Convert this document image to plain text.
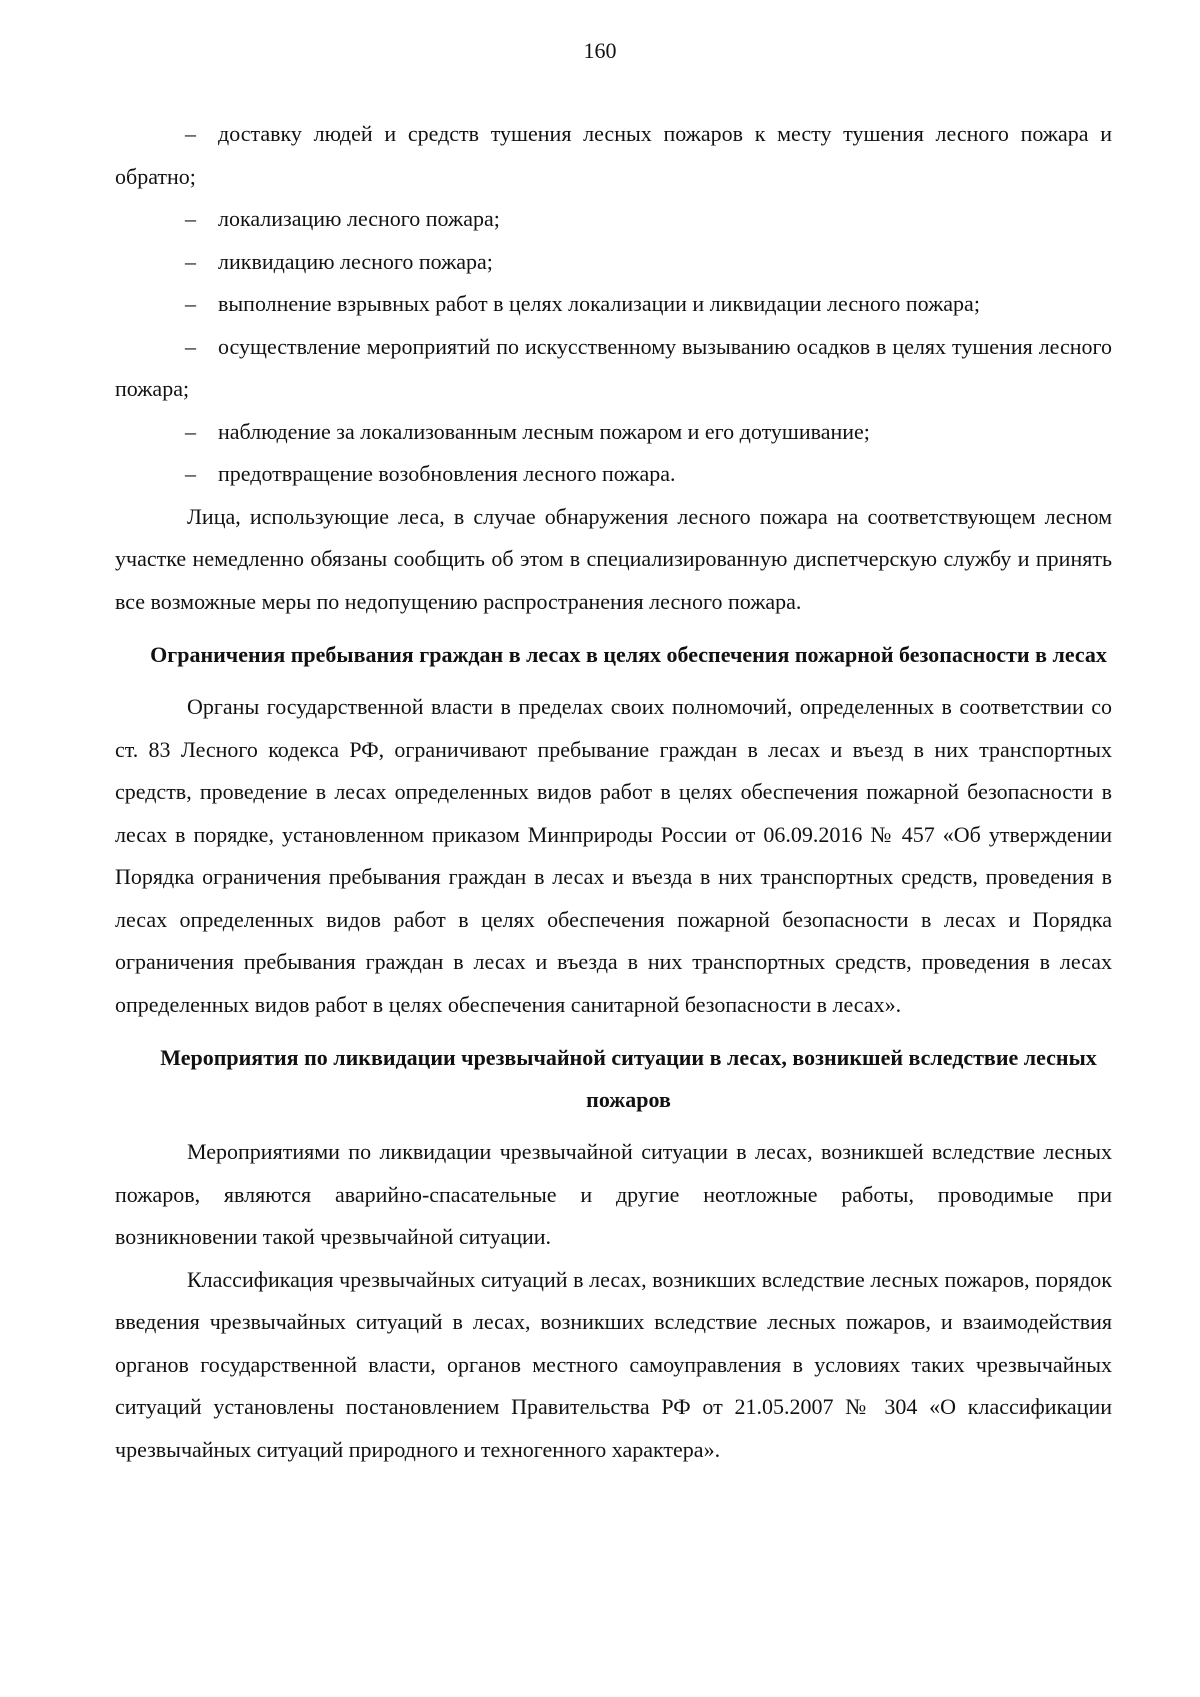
160

– доставку людей и средств тушения лесных пожаров к месту тушения лесного пожара и обратно;

– локализацию лесного пожара;

– ликвидацию лесного пожара;

– выполнение взрывных работ в целях локализации и ликвидации лесного пожара;

– осуществление мероприятий по искусственному вызыванию осадков в целях тушения лесного пожара;

– наблюдение за локализованным лесным пожаром и его дотушивание;

– предотвращение возобновления лесного пожара.

Лица, использующие леса, в случае обнаружения лесного пожара на соответствующем лесном участке немедленно обязаны сообщить об этом в специализированную диспетчерскую службу и принять все возможные меры по недопущению распространения лесного пожара.

Ограничения пребывания граждан в лесах в целях обеспечения пожарной безопасности в лесах

Органы государственной власти в пределах своих полномочий, определенных в соответствии со ст. 83 Лесного кодекса РФ, ограничивают пребывание граждан в лесах и въезд в них транспортных средств, проведение в лесах определенных видов работ в целях обеспечения пожарной безопасности в лесах в порядке, установленном приказом Минприроды России от 06.09.2016 № 457 «Об утверждении Порядка ограничения пребывания граждан в лесах и въезда в них транспортных средств, проведения в лесах определенных видов работ в целях обеспечения пожарной безопасности в лесах и Порядка ограничения пребывания граждан в лесах и въезда в них транспортных средств, проведения в лесах определенных видов работ в целях обеспечения санитарной безопасности в лесах».

Мероприятия по ликвидации чрезвычайной ситуации в лесах, возникшей вследствие лесных пожаров

Мероприятиями по ликвидации чрезвычайной ситуации в лесах, возникшей вследствие лесных пожаров, являются аварийно-спасательные и другие неотложные работы, проводимые при возникновении такой чрезвычайной ситуации.

Классификация чрезвычайных ситуаций в лесах, возникших вследствие лесных пожаров, порядок введения чрезвычайных ситуаций в лесах, возникших вследствие лесных пожаров, и взаимодействия органов государственной власти, органов местного самоуправления в условиях таких чрезвычайных ситуаций установлены постановлением Правительства РФ от 21.05.2007 № 304 «О классификации чрезвычайных ситуаций природного и техногенного характера».
